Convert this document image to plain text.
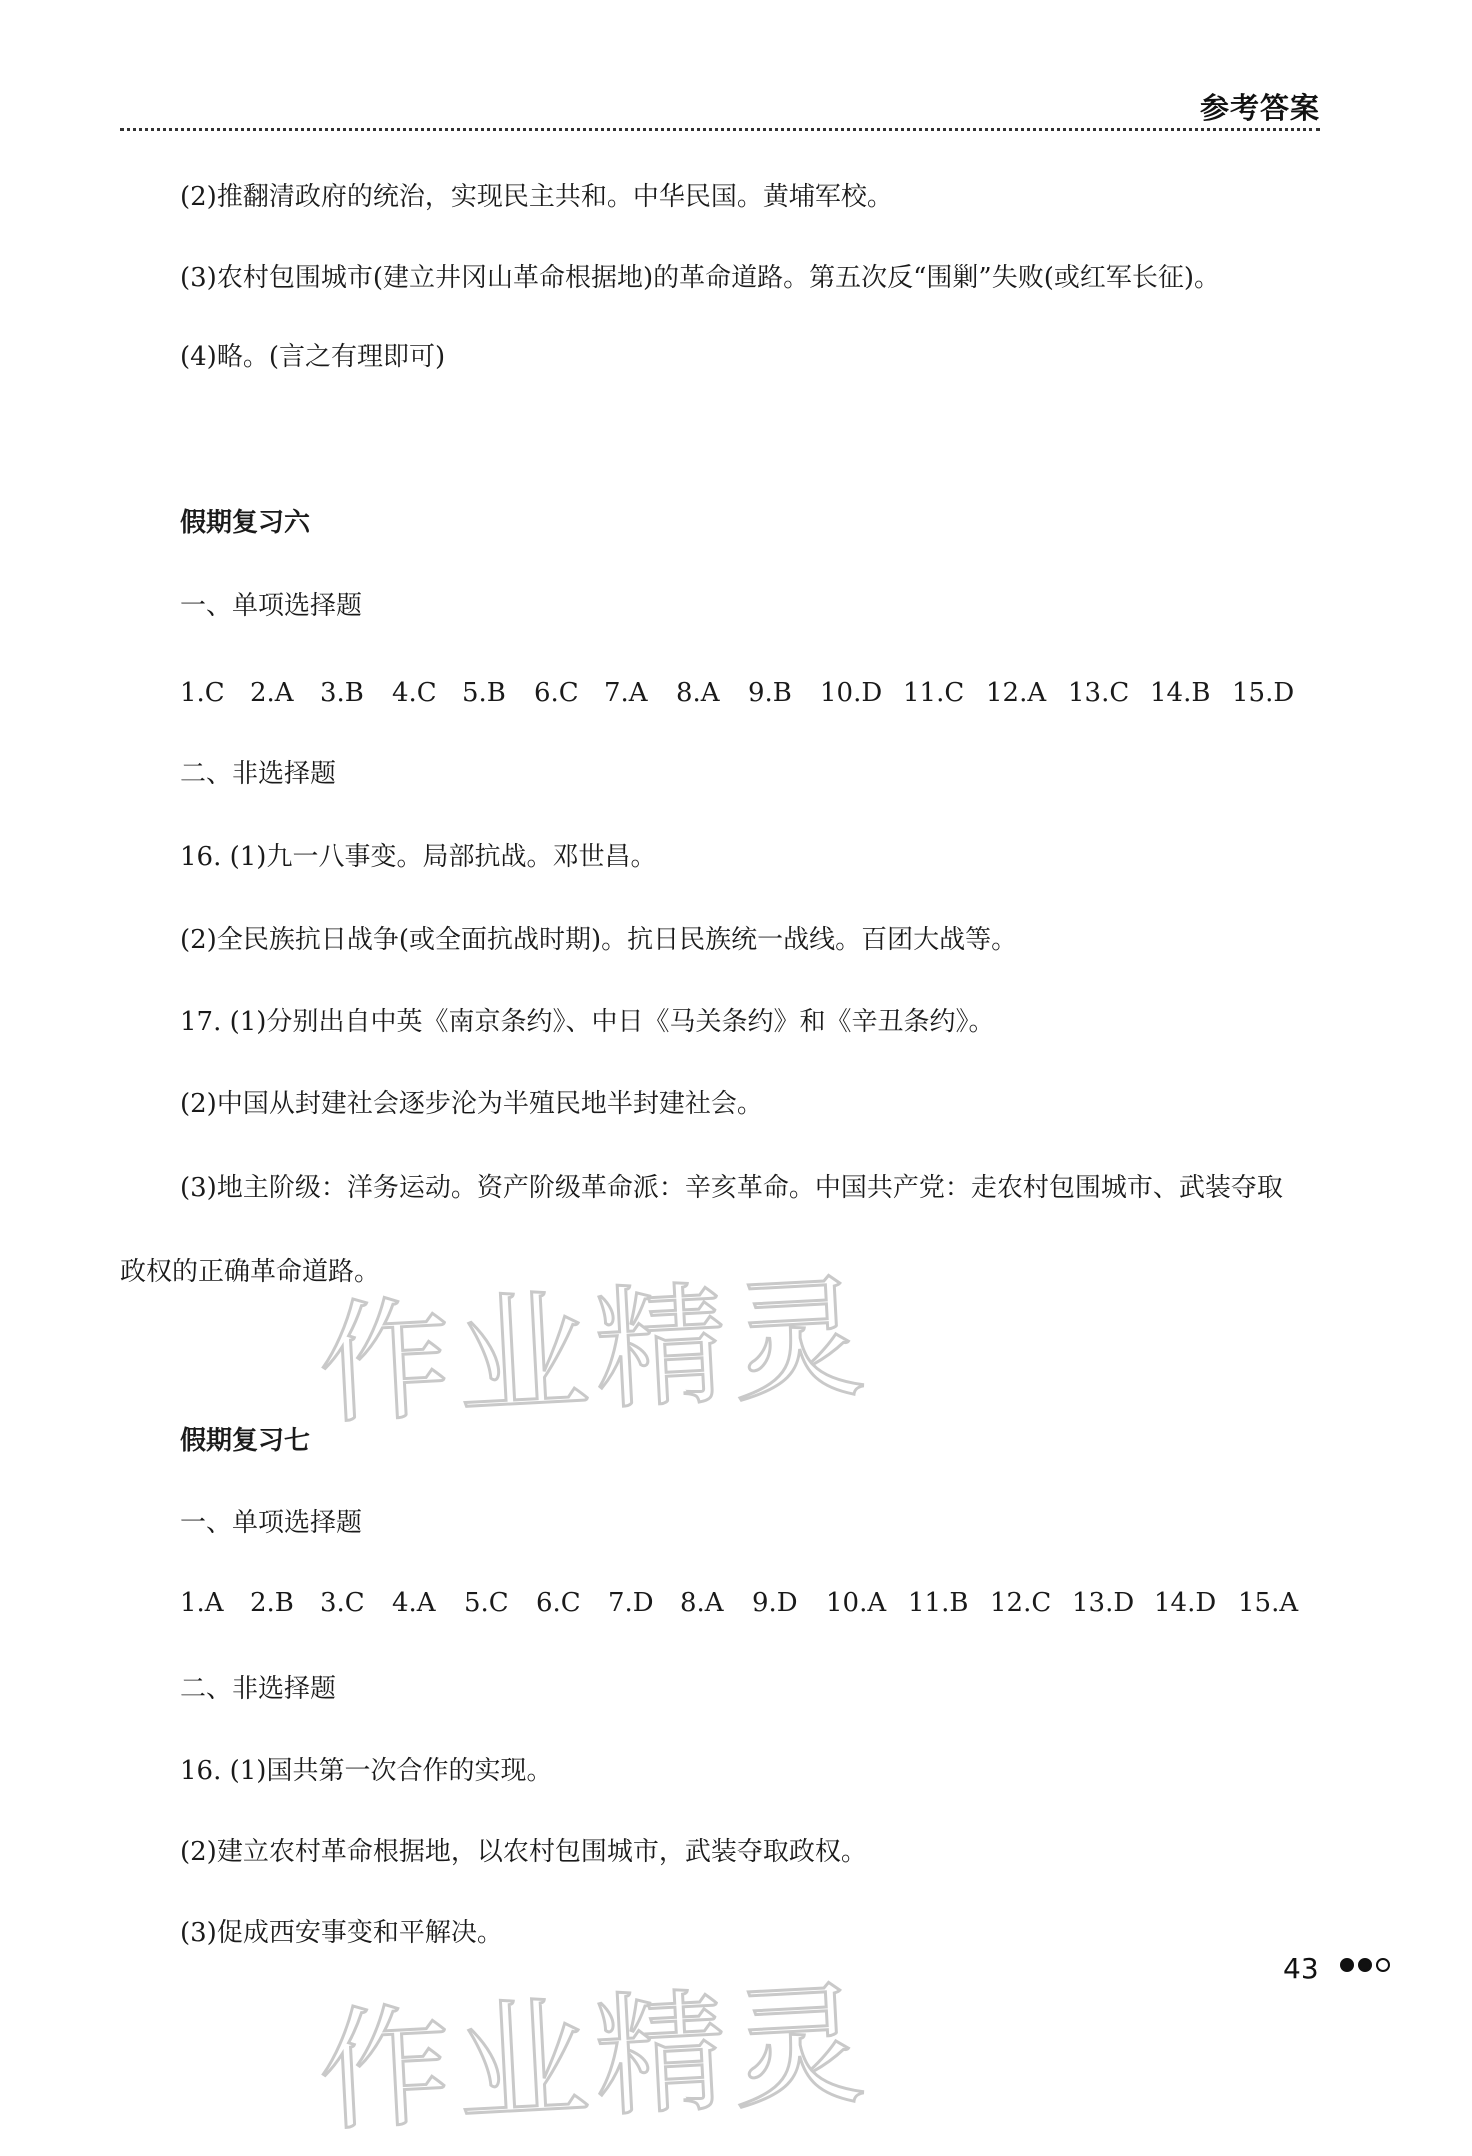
参考答案
(2)推翻清政府的统治，实现民主共和。中华民国。黄埔军校。
(3)农村包围城市(建立井冈山革命根据地)的革命道路。第五次反“围剿”失败(或红军长征)。
(4)略。(言之有理即可)
假期复习六
一、单项选择题
1.C 2.A 3.B 4.C 5.B 6.C 7.A 8.A 9.B 10.D 11.C 12.A 13.C 14.B 15.D
二、非选择题
16. (1)九一八事变。局部抗战。邓世昌。
(2)全民族抗日战争(或全面抗战时期)。抗日民族统一战线。百团大战等。
17. (1)分别出自中英《南京条约》、中日《马关条约》和《辛丑条约》。
(2)中国从封建社会逐步沦为半殖民地半封建社会。
(3)地主阶级：洋务运动。资产阶级革命派：辛亥革命。中国共产党：走农村包围城市、武装夺取
政权的正确革命道路。
作业精灵
假期复习七
一、单项选择题
1.A 2.B 3.C 4.A 5.C 6.C 7.D 8.A 9.D 10.A 11.B 12.C 13.D 14.D 15.A
二、非选择题
16. (1)国共第一次合作的实现。
(2)建立农村革命根据地，以农村包围城市，武装夺取政权。
(3)促成西安事变和平解决。
作业精灵	43
